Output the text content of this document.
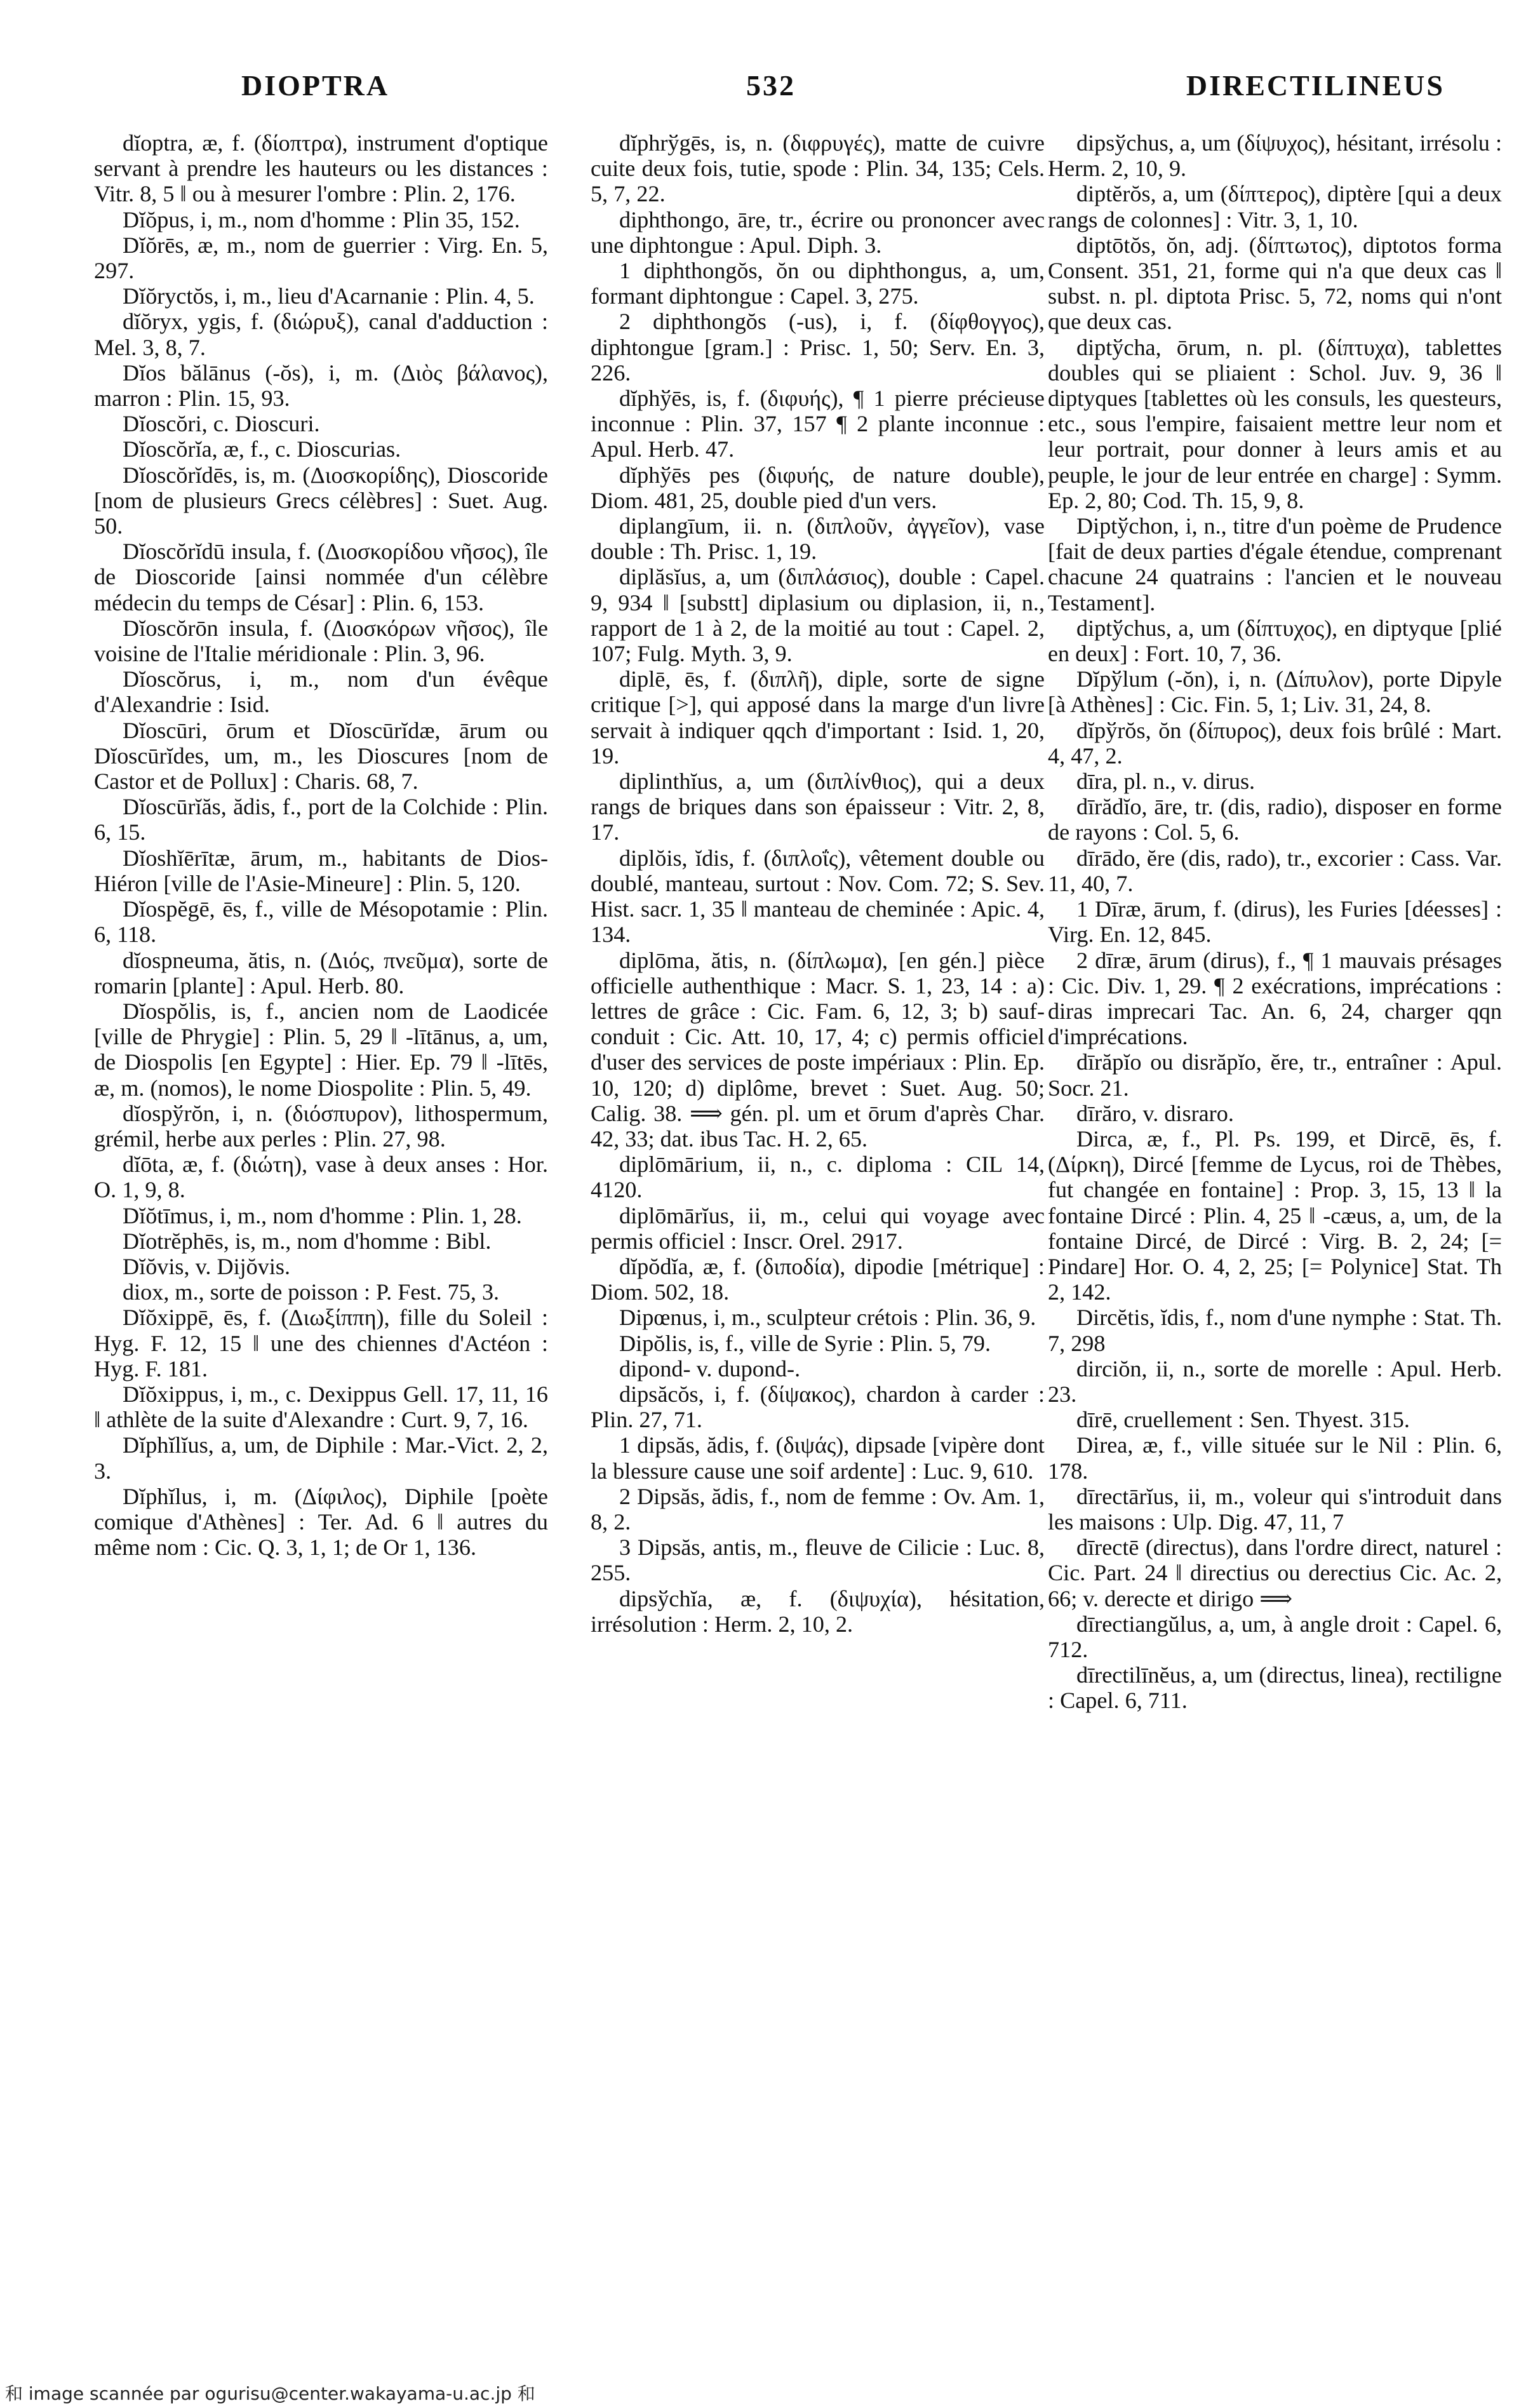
DIOPTRA	532	DIRECTILINEUS

dĭoptra, æ, f. (δίοπτρα), instrument d'optique servant à prendre les hauteurs ou les distances : Vitr. 8, 5 ‖ ou à mesurer l'ombre : Plin. 2, 176.

Dĭŏpus, i, m., nom d'homme : Plin 35, 152.

Dĭŏrēs, æ, m., nom de guerrier : Virg. En. 5, 297.

Dĭŏryctŏs, i, m., lieu d'Acarnanie : Plin. 4, 5.

dĭŏryx, ygis, f. (διώρυξ), canal d'adduction : Mel. 3, 8, 7.

Dĭos bălānus (-ŏs), i, m. (Διὸς βάλανος), marron : Plin. 15, 93.

Dĭoscŏri, c. Dioscuri.

Dĭoscŏrĭa, æ, f., c. Dioscurias.

Dĭoscŏrĭdēs, is, m. (Διοσκορίδης), Dioscoride [nom de plusieurs Grecs célèbres] : Suet. Aug. 50.

Dĭoscŏrĭdū insula, f. (Διοσκορίδου νῆσος), île de Dioscoride [ainsi nommée d'un célèbre médecin du temps de César] : Plin. 6, 153.

Dĭoscŏrōn insula, f. (Διοσκόρων νῆσος), île voisine de l'Italie méridionale : Plin. 3, 96.

Dĭoscŏrus, i, m., nom d'un évêque d'Alexandrie : Isid.

Dĭoscūri, ōrum et Dĭoscūrĭdæ, ārum ou Dĭoscūrĭdes, um, m., les Dioscures [nom de Castor et de Pollux] : Charis. 68, 7.

Dĭoscūrĭăs, ădis, f., port de la Colchide : Plin. 6, 15.

Dĭoshĭērītæ, ārum, m., habitants de Dios-Hiéron [ville de l'Asie-Mineure] : Plin. 5, 120.

Dĭospĕgē, ēs, f., ville de Mésopotamie : Plin. 6, 118.

dĭospneuma, ătis, n. (Διός, πνεῦμα), sorte de romarin [plante] : Apul. Herb. 80.

Dĭospŏlis, is, f., ancien nom de Laodicée [ville de Phrygie] : Plin. 5, 29 ‖ -lītānus, a, um, de Diospolis [en Egypte] : Hier. Ep. 79 ‖ -lītēs, æ, m. (nomos), le nome Diospolite : Plin. 5, 49.

dĭospўrŏn, i, n. (διόσπυρον), lithospermum, grémil, herbe aux perles : Plin. 27, 98.

dĭōta, æ, f. (διώτη), vase à deux anses : Hor. O. 1, 9, 8.

Dĭŏtīmus, i, m., nom d'homme : Plin. 1, 28.

Dĭotrĕphēs, is, m., nom d'homme : Bibl.

Dĭŏvis, v. Dijŏvis.

diox, m., sorte de poisson : P. Fest. 75, 3.

Dĭŏxippē, ēs, f. (Διωξίππη), fille du Soleil : Hyg. F. 12, 15 ‖ une des chiennes d'Actéon : Hyg. F. 181.

Dĭŏxippus, i, m., c. Dexippus Gell. 17, 11, 16 ‖ athlète de la suite d'Alexandre : Curt. 9, 7, 16.

Dĭphĭlĭus, a, um, de Diphile : Mar.-Vict. 2, 2, 3.

Dĭphĭlus, i, m. (Δίφιλος), Diphile [poète comique d'Athènes] : Ter. Ad. 6 ‖ autres du même nom : Cic. Q. 3, 1, 1; de Or 1, 136.

dĭphrўgēs, is, n. (διφρυγές), matte de cuivre cuite deux fois, tutie, spode : Plin. 34, 135; Cels. 5, 7, 22.

diphthongo, āre, tr., écrire ou prononcer avec une diphtongue : Apul. Diph. 3.

1 diphthongŏs, ŏn ou diphthongus, a, um, formant diphtongue : Capel. 3, 275.

2 diphthongŏs (-us), i, f. (δίφθογγος), diphtongue [gram.] : Prisc. 1, 50; Serv. En. 3, 226.

dĭphўēs, is, f. (διφυής), ¶ 1 pierre précieuse inconnue : Plin. 37, 157 ¶ 2 plante inconnue : Apul. Herb. 47.

dĭphўēs pes (διφυής, de nature double), Diom. 481, 25, double pied d'un vers.

diplangīum, ii. n. (διπλοῦν, ἀγγεῖον), vase double : Th. Prisc. 1, 19.

diplăsĭus, a, um (διπλάσιος), double : Capel. 9, 934 ‖ [substt] diplasium ou diplasion, ii, n., rapport de 1 à 2, de la moitié au tout : Capel. 2, 107; Fulg. Myth. 3, 9.

diplē, ēs, f. (διπλῆ), diple, sorte de signe critique [>], qui apposé dans la marge d'un livre servait à indiquer qqch d'important : Isid. 1, 20, 19.

diplinthĭus, a, um (διπλίνθιος), qui a deux rangs de briques dans son épaisseur : Vitr. 2, 8, 17.

diplŏis, ĭdis, f. (διπλοΐς), vêtement double ou doublé, manteau, surtout : Nov. Com. 72; S. Sev. Hist. sacr. 1, 35 ‖ manteau de cheminée : Apic. 4, 134.

diplōma, ătis, n. (δίπλωμα), [en gén.] pièce officielle authenthique : Macr. S. 1, 23, 14 : a) lettres de grâce : Cic. Fam. 6, 12, 3; b) sauf-conduit : Cic. Att. 10, 17, 4; c) permis officiel d'user des services de poste impériaux : Plin. Ep. 10, 120; d) diplôme, brevet : Suet. Aug. 50; Calig. 38. ⟹ gén. pl. um et ōrum d'après Char. 42, 33; dat. ibus Tac. H. 2, 65.

diplōmārium, ii, n., c. diploma : CIL 14, 4120.

diplōmārĭus, ii, m., celui qui voyage avec permis officiel : Inscr. Orel. 2917.

dĭpŏdĭa, æ, f. (διποδία), dipodie [métrique] : Diom. 502, 18.

Dipœnus, i, m., sculpteur crétois : Plin. 36, 9.

Dipŏlis, is, f., ville de Syrie : Plin. 5, 79.

dipond- v. dupond-.

dipsăcŏs, i, f. (δίψακος), chardon à carder : Plin. 27, 71.

1 dipsăs, ădis, f. (διψάς), dipsade [vipère dont la blessure cause une soif ardente] : Luc. 9, 610.

2 Dipsăs, ădis, f., nom de femme : Ov. Am. 1, 8, 2.

3 Dipsăs, antis, m., fleuve de Cilicie : Luc. 8, 255.

dipsўchĭa, æ, f. (διψυχία), hésitation, irrésolution : Herm. 2, 10, 2.

dipsўchus, a, um (δίψυχος), hésitant, irrésolu : Herm. 2, 10, 9.

diptĕrŏs, a, um (δίπτερος), diptère [qui a deux rangs de colonnes] : Vitr. 3, 1, 10.

diptōtŏs, ŏn, adj. (δίπτωτος), diptotos forma Consent. 351, 21, forme qui n'a que deux cas ‖ subst. n. pl. diptota Prisc. 5, 72, noms qui n'ont que deux cas.

diptўcha, ōrum, n. pl. (δίπτυχα), tablettes doubles qui se pliaient : Schol. Juv. 9, 36 ‖ diptyques [tablettes où les consuls, les questeurs, etc., sous l'empire, faisaient mettre leur nom et leur portrait, pour donner à leurs amis et au peuple, le jour de leur entrée en charge] : Symm. Ep. 2, 80; Cod. Th. 15, 9, 8.

Diptўchon, i, n., titre d'un poème de Prudence [fait de deux parties d'égale étendue, comprenant chacune 24 quatrains : l'ancien et le nouveau Testament].

diptўchus, a, um (δίπτυχος), en diptyque [plié en deux] : Fort. 10, 7, 36.

Dĭpўlum (-ŏn), i, n. (Δίπυλον), porte Dipyle [à Athènes] : Cic. Fin. 5, 1; Liv. 31, 24, 8.

dĭpўrŏs, ŏn (δίπυρος), deux fois brûlé : Mart. 4, 47, 2.

dīra, pl. n., v. dirus.

dīrădĭo, āre, tr. (dis, radio), disposer en forme de rayons : Col. 5, 6.

dīrādo, ĕre (dis, rado), tr., excorier : Cass. Var. 11, 40, 7.

1 Dīræ, ārum, f. (dirus), les Furies [déesses] : Virg. En. 12, 845.

2 dīræ, ārum (dirus), f., ¶ 1 mauvais présages : Cic. Div. 1, 29. ¶ 2 exécrations, imprécations : diras imprecari Tac. An. 6, 24, charger qqn d'imprécations.

dīrăpĭo ou disrăpĭo, ĕre, tr., entraîner : Apul. Socr. 21.

dīrăro, v. disraro.

Dirca, æ, f., Pl. Ps. 199, et Dircē, ēs, f. (Δίρκη), Dircé [femme de Lycus, roi de Thèbes, fut changée en fontaine] : Prop. 3, 15, 13 ‖ la fontaine Dircé : Plin. 4, 25 ‖ -cæus, a, um, de la fontaine Dircé, de Dircé : Virg. B. 2, 24; [= Pindare] Hor. O. 4, 2, 25; [= Polynice] Stat. Th 2, 142.

Dircĕtis, ĭdis, f., nom d'une nymphe : Stat. Th. 7, 298

dirciŏn, ii, n., sorte de morelle : Apul. Herb. 23.

dīrē, cruellement : Sen. Thyest. 315.

Direa, æ, f., ville située sur le Nil : Plin. 6, 178.

dīrectārĭus, ii, m., voleur qui s'introduit dans les maisons : Ulp. Dig. 47, 11, 7

dīrectē (directus), dans l'ordre direct, naturel : Cic. Part. 24 ‖ directius ou derectius Cic. Ac. 2, 66; v. derecte et dirigo ⟹

dīrectiangŭlus, a, um, à angle droit : Capel. 6, 712.

dīrectilīnĕus, a, um (directus, linea), rectiligne : Capel. 6, 711.

和 image scannée par ogurisu@center.wakayama-u.ac.jp 和
